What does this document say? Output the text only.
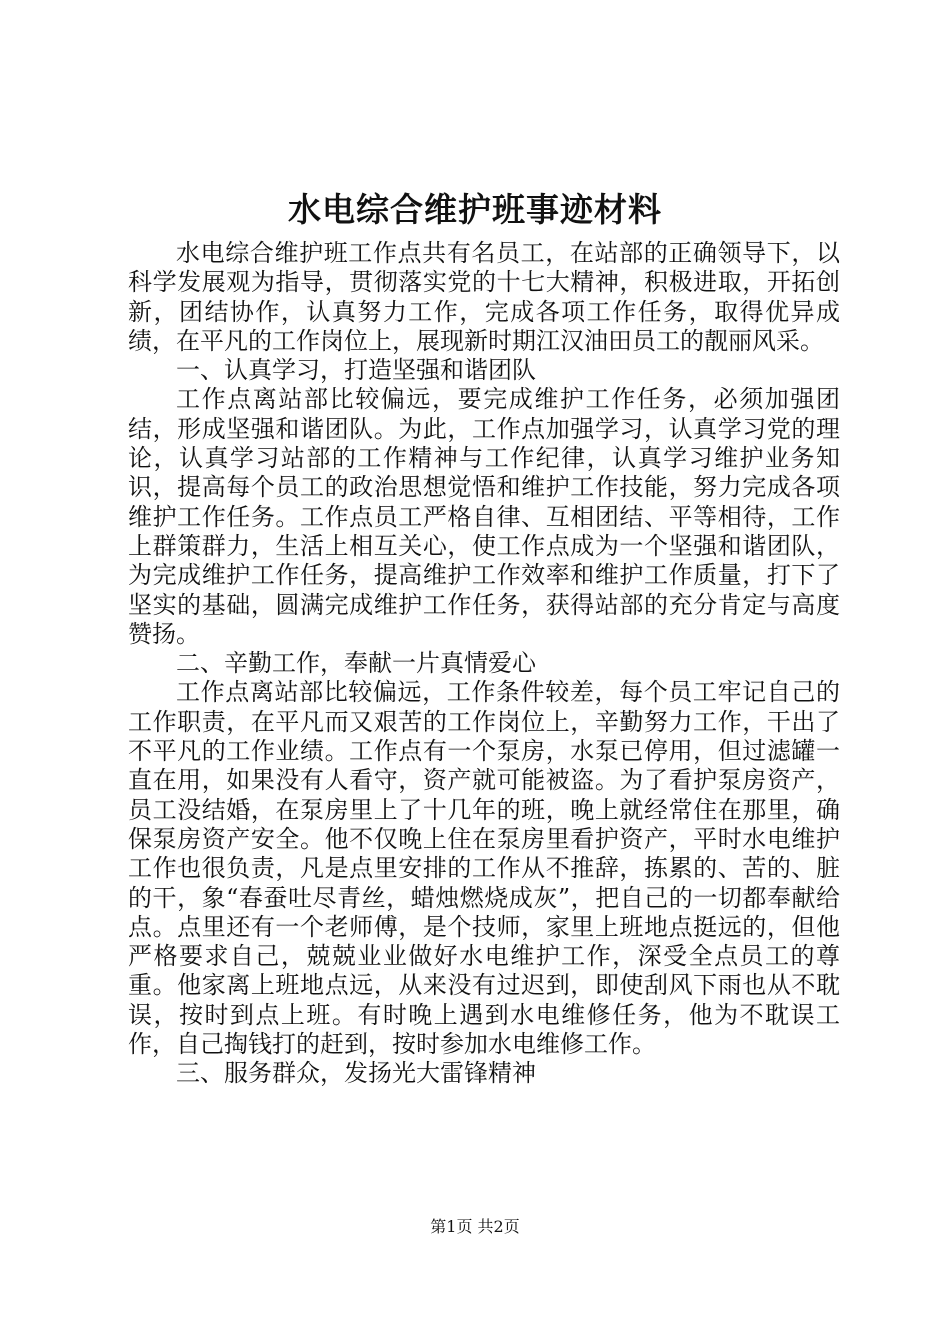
水电综合维护班事迹材料

水电综合维护班工作点共有名员工，在站部的正确领导下，以科学发展观为指导，贯彻落实党的十七大精神，积极进取，开拓创新，团结协作，认真努力工作，完成各项工作任务，取得优异成绩，在平凡的工作岗位上，展现新时期江汉油田员工的靓丽风采。

一、认真学习，打造坚强和谐团队

工作点离站部比较偏远，要完成维护工作任务，必须加强团结，形成坚强和谐团队。为此，工作点加强学习，认真学习党的理论，认真学习站部的工作精神与工作纪律，认真学习维护业务知识，提高每个员工的政治思想觉悟和维护工作技能，努力完成各项维护工作任务。工作点员工严格自律、互相团结、平等相待，工作上群策群力，生活上相互关心，使工作点成为一个坚强和谐团队，为完成维护工作任务，提高维护工作效率和维护工作质量，打下了坚实的基础，圆满完成维护工作任务，获得站部的充分肯定与高度赞扬。

二、辛勤工作，奉献一片真情爱心

工作点离站部比较偏远，工作条件较差，每个员工牢记自己的工作职责，在平凡而又艰苦的工作岗位上，辛勤努力工作，干出了不平凡的工作业绩。工作点有一个泵房，水泵已停用，但过滤罐一直在用，如果没有人看守，资产就可能被盗。为了看护泵房资产，员工没结婚，在泵房里上了十几年的班，晚上就经常住在那里，确保泵房资产安全。他不仅晚上住在泵房里看护资产，平时水电维护工作也很负责，凡是点里安排的工作从不推辞，拣累的、苦的、脏的干，象“春蚕吐尽青丝，蜡烛燃烧成灰”，把自己的一切都奉献给点。点里还有一个老师傅，是个技师，家里上班地点挺远的，但他严格要求自己，兢兢业业做好水电维护工作，深受全点员工的尊重。他家离上班地点远，从来没有过迟到，即使刮风下雨也从不耽误，按时到点上班。有时晚上遇到水电维修任务，他为不耽误工作，自己掏钱打的赶到，按时参加水电维修工作。

三、服务群众，发扬光大雷锋精神

第1页 共2页
